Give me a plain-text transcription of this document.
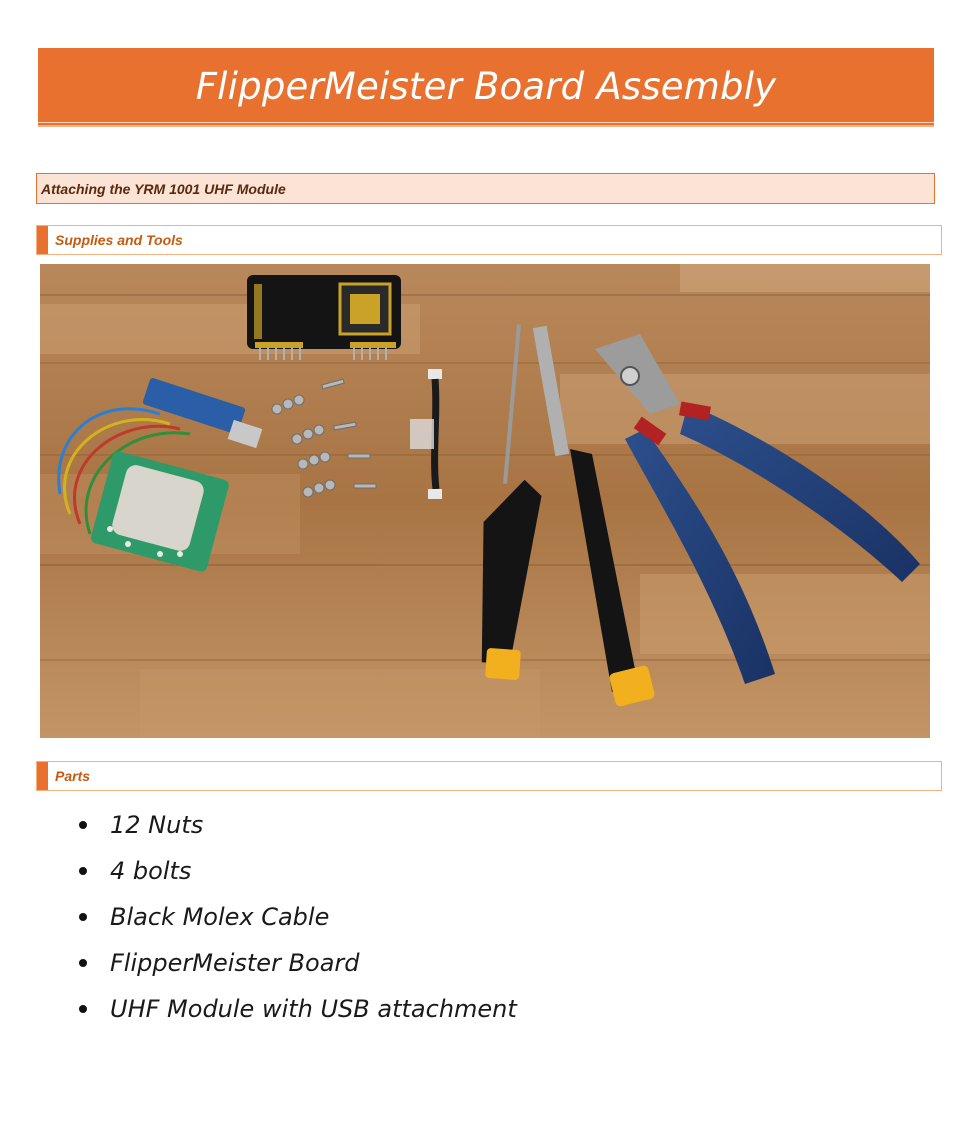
FlipperMeister Board Assembly
Attaching the YRM 1001 UHF Module
Supplies and Tools
Parts
12 Nuts
4 bolts
Black Molex Cable
FlipperMeister Board
UHF Module with USB attachment
